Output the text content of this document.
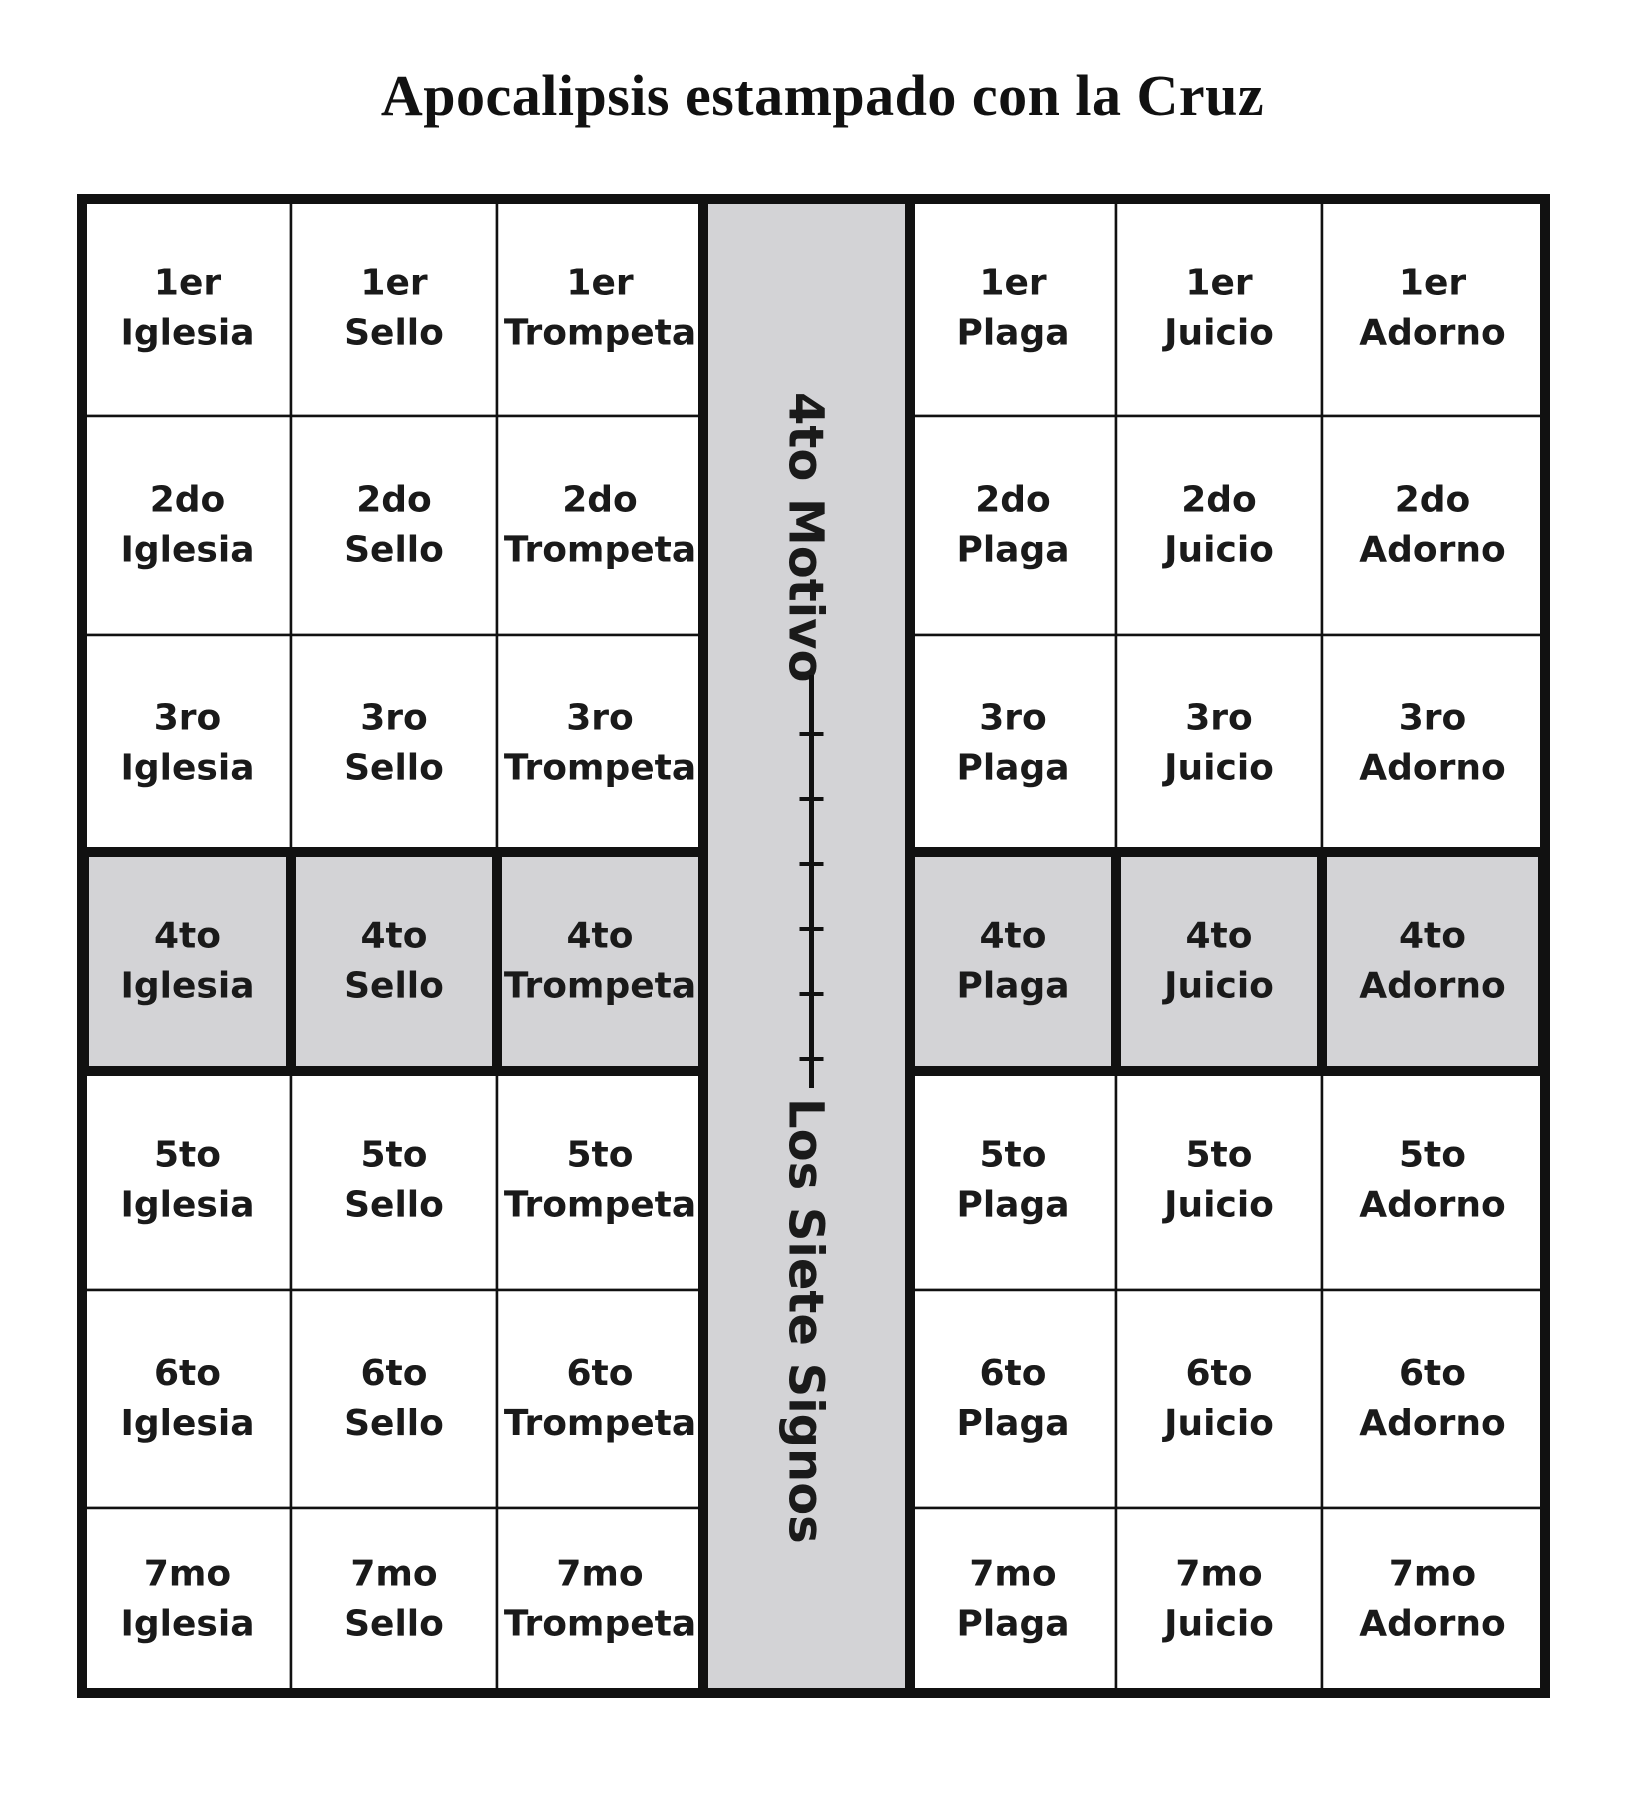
Apocalipsis estampado con la Cruz
1er
Iglesia
1er
Sello
1er
Trompeta
2do
Iglesia
2do
Sello
2do
Trompeta
3ro
Iglesia
3ro
Sello
3ro
Trompeta
4to
Iglesia
4to
Sello
4to
Trompeta
5to
Iglesia
5to
Sello
5to
Trompeta
6to
Iglesia
6to
Sello
6to
Trompeta
7mo
Iglesia
7mo
Sello
7mo
Trompeta
1er
Plaga
1er
Juicio
1er
Adorno
2do
Plaga
2do
Juicio
2do
Adorno
3ro
Plaga
3ro
Juicio
3ro
Adorno
4to
Plaga
4to
Juicio
4to
Adorno
5to
Plaga
5to
Juicio
5to
Adorno
6to
Plaga
6to
Juicio
6to
Adorno
7mo
Plaga
7mo
Juicio
7mo
Adorno
4to Motivo
Los Siete Signos
